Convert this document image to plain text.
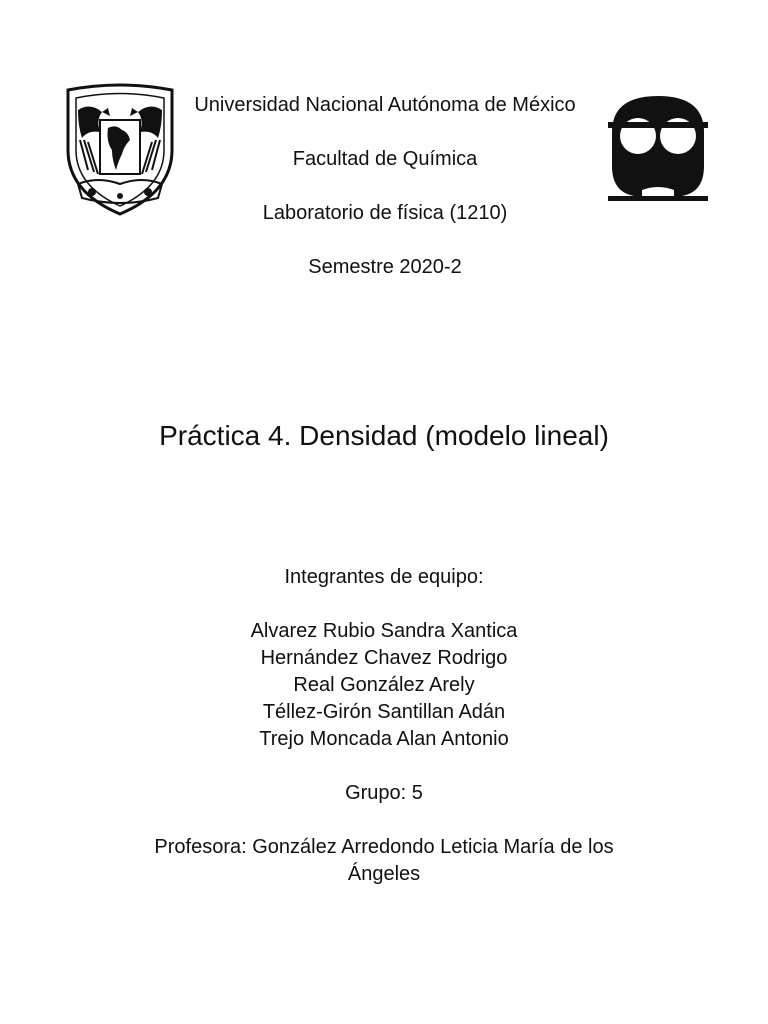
Universidad Nacional Autónoma de México

Facultad de Química

Laboratorio de física (1210)

Semestre 2020-2

Práctica 4. Densidad (modelo lineal)

Integrantes de equipo:

Alvarez Rubio Sandra Xantica
Hernández Chavez Rodrigo
Real González Arely
Téllez-Girón Santillan Adán
Trejo Moncada Alan Antonio

Grupo: 5

Profesora: González Arredondo Leticia María de los

Ángeles
